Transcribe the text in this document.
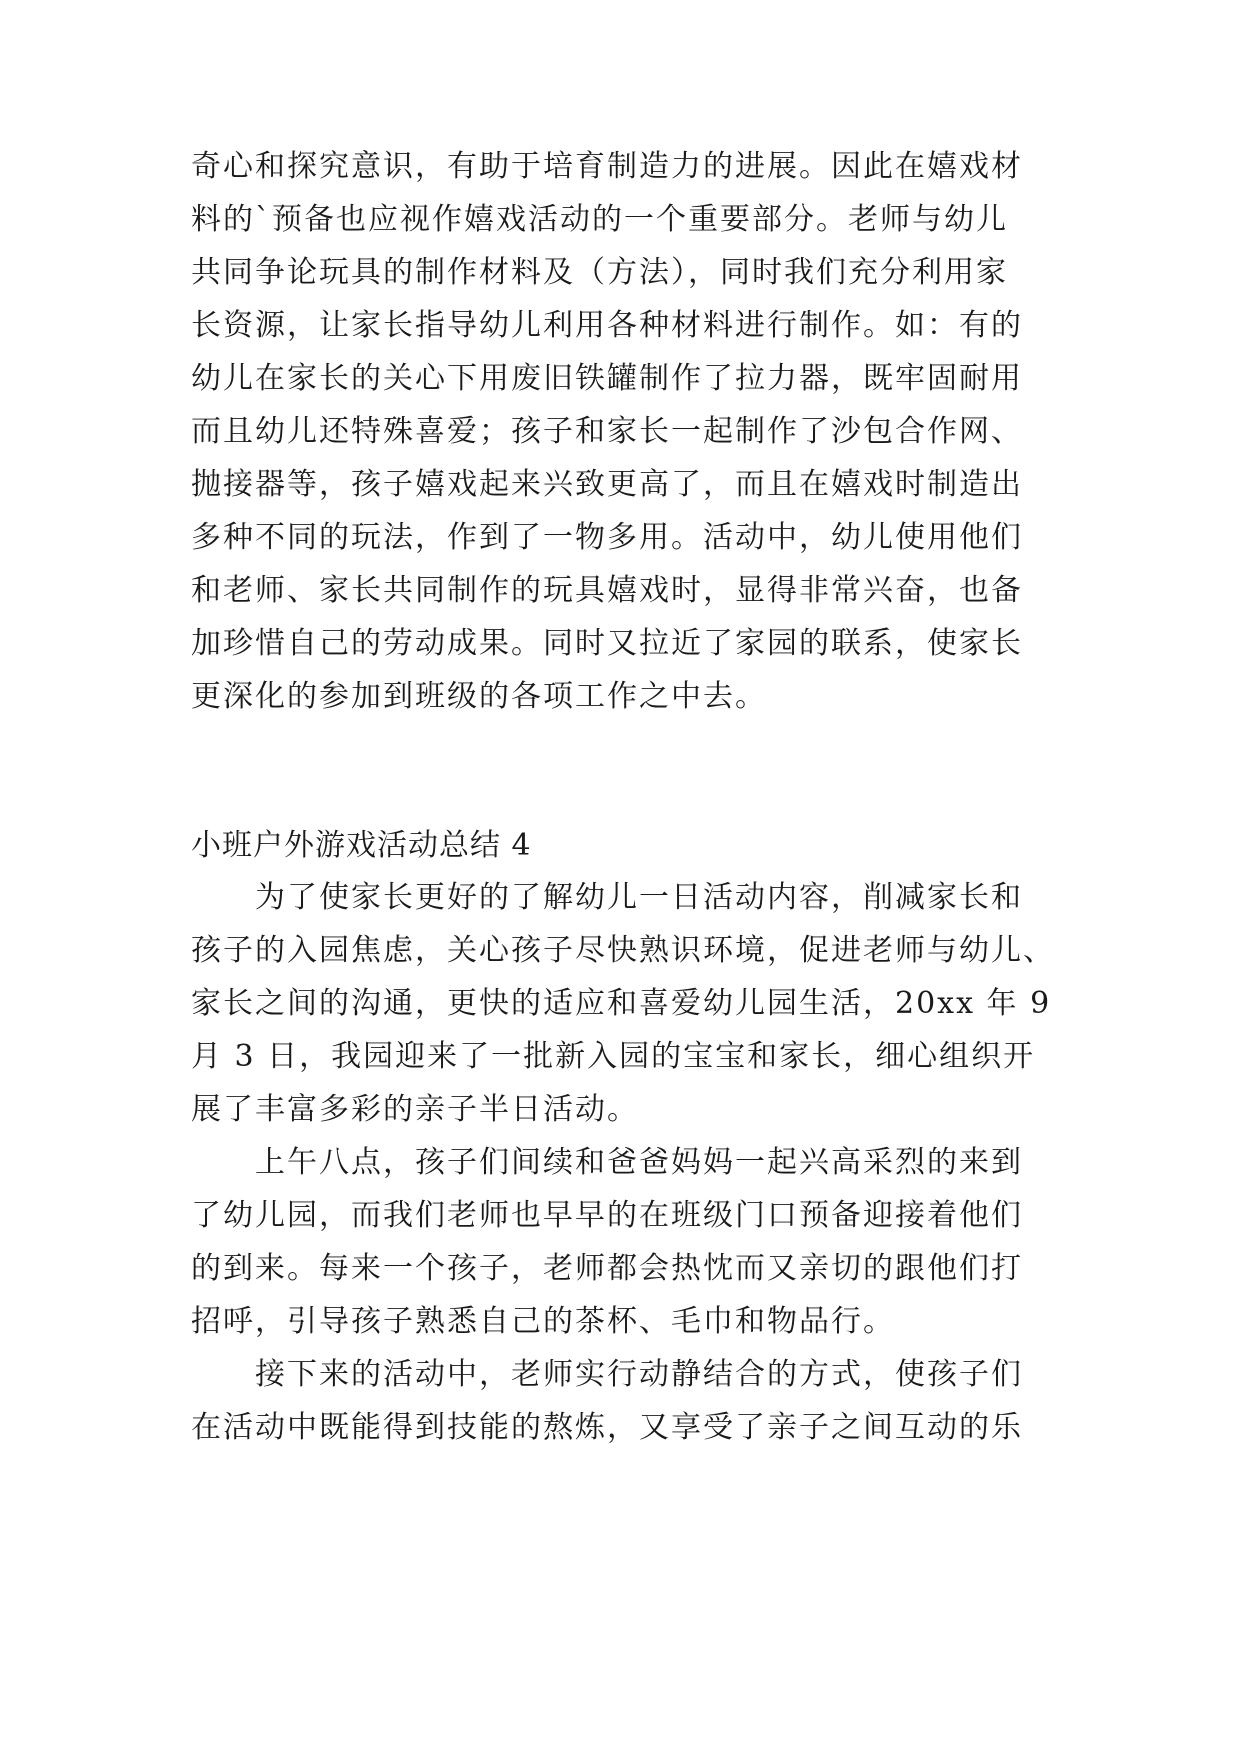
奇心和探究意识，有助于培育制造力的进展。因此在嬉戏材
料的`预备也应视作嬉戏活动的一个重要部分。老师与幼儿
共同争论玩具的制作材料及（方法），同时我们充分利用家
长资源，让家长指导幼儿利用各种材料进行制作。如：有的
幼儿在家长的关心下用废旧铁罐制作了拉力器，既牢固耐用
而且幼儿还特殊喜爱；孩子和家长一起制作了沙包合作网、
抛接器等，孩子嬉戏起来兴致更高了，而且在嬉戏时制造出
多种不同的玩法，作到了一物多用。活动中，幼儿使用他们
和老师、家长共同制作的玩具嬉戏时，显得非常兴奋，也备
加珍惜自己的劳动成果。同时又拉近了家园的联系，使家长
更深化的参加到班级的各项工作之中去。
小班户外游戏活动总结 4
　　为了使家长更好的了解幼儿一日活动内容，削减家长和
孩子的入园焦虑，关心孩子尽快熟识环境，促进老师与幼儿、
家长之间的沟通，更快的适应和喜爱幼儿园生活，20xx 年 9
月 3 日，我园迎来了一批新入园的宝宝和家长，细心组织开
展了丰富多彩的亲子半日活动。
　　上午八点，孩子们间续和爸爸妈妈一起兴高采烈的来到
了幼儿园，而我们老师也早早的在班级门口预备迎接着他们
的到来。每来一个孩子，老师都会热忱而又亲切的跟他们打
招呼，引导孩子熟悉自己的茶杯、毛巾和物品行。
　　接下来的活动中，老师实行动静结合的方式，使孩子们
在活动中既能得到技能的熬炼，又享受了亲子之间互动的乐
